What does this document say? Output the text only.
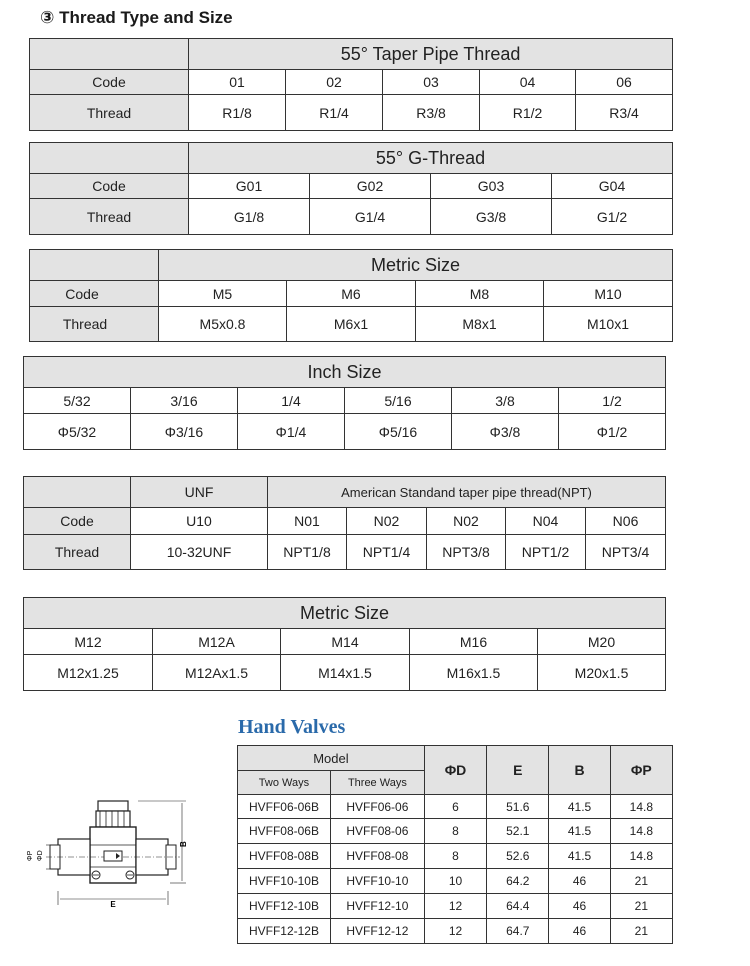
③ Thread Type and Size
	55° Taper Pipe Thread				
Code	01	02	03	04	06
Thread	R1/8	R1/4	R3/8	R1/2	R3/4
	55° G-Thread			
Code	G01	G02	G03	G04
Thread	G1/8	G1/4	G3/8	G1/2
	Metric Size			
Code	M5	M6	M8	M10
Thread	M5x0.8	M6x1	M8x1	M10x1
Inch Size					
5/32	3/16	1/4	5/16	3/8	1/2
Φ5/32	Φ3/16	Φ1/4	Φ5/16	Φ3/8	Φ1/2
	UNF	American Standand taper pipe thread(NPT)				
Code	U10	N01	N02	N02	N04	N06
Thread	10-32UNF	NPT1/8	NPT1/4	NPT3/8	NPT1/2	NPT3/4
Metric Size				
M12	M12A	M14	M16	M20
M12x1.25	M12Ax1.5	M14x1.5	M16x1.5	M20x1.5
Hand Valves
E
B
ΦP ΦD
Model		ΦD	E	B	ΦP
Two Ways	Three Ways				
HVFF06-06B	HVFF06-06	6	51.6	41.5	14.8
HVFF08-06B	HVFF08-06	8	52.1	41.5	14.8
HVFF08-08B	HVFF08-08	8	52.6	41.5	14.8
HVFF10-10B	HVFF10-10	10	64.2	46	21
HVFF12-10B	HVFF12-10	12	64.4	46	21
HVFF12-12B	HVFF12-12	12	64.7	46	21
